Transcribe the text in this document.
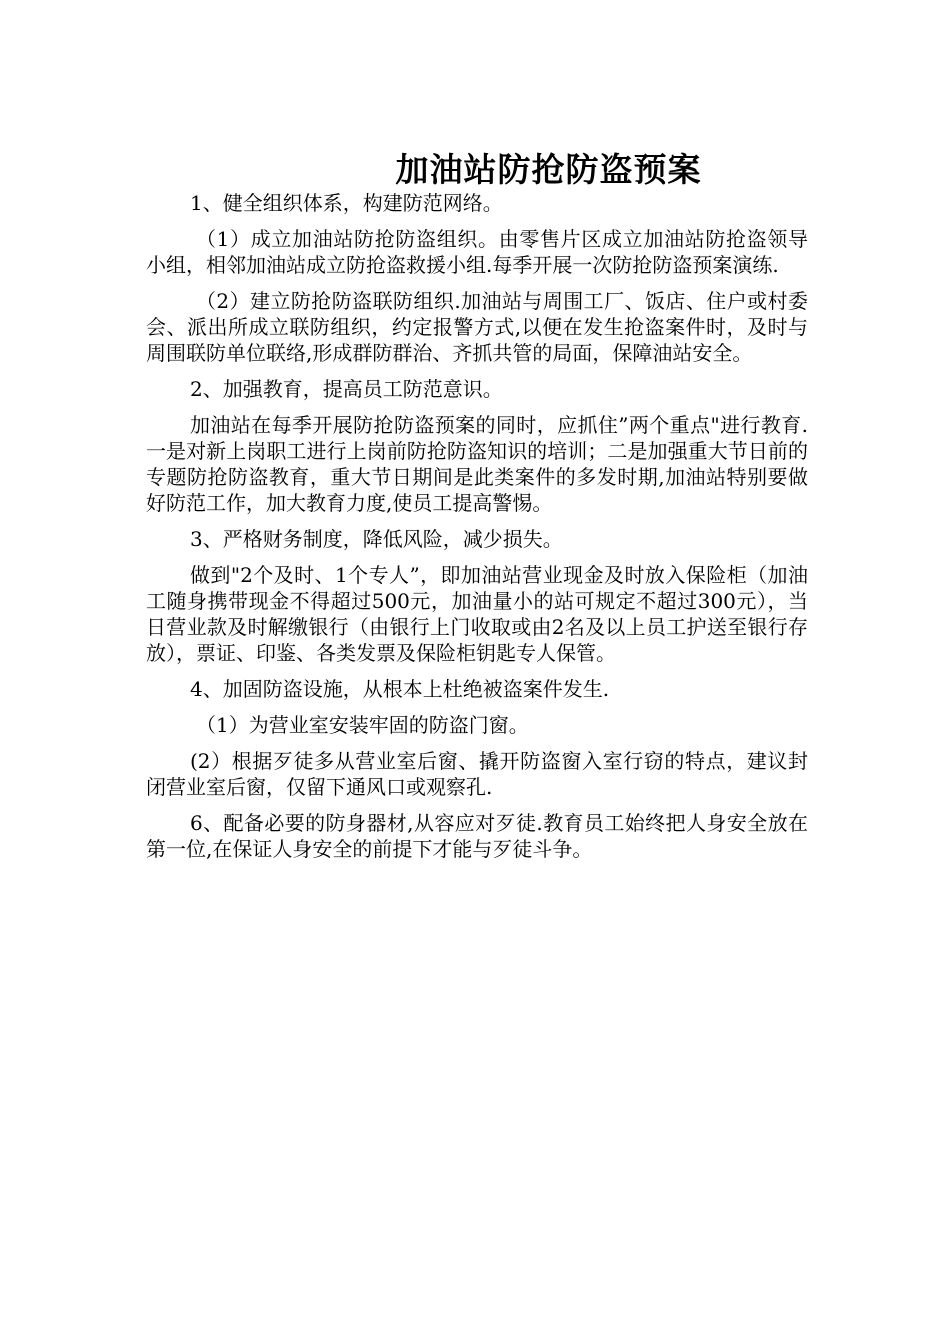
加油站防抢防盗预案

1、健全组织体系，构建防范网络。

（1）成立加油站防抢防盗组织。由零售片区成立加油站防抢盗领导小组，相邻加油站成立防抢盗救援小组.每季开展一次防抢防盗预案演练.

（2）建立防抢防盗联防组织.加油站与周围工厂、饭店、住户或村委会、派出所成立联防组织，约定报警方式,以便在发生抢盗案件时，及时与周围联防单位联络,形成群防群治、齐抓共管的局面，保障油站安全。

2、加强教育，提高员工防范意识。

加油站在每季开展防抢防盗预案的同时，应抓住”两个重点"进行教育.一是对新上岗职工进行上岗前防抢防盗知识的培训；二是加强重大节日前的专题防抢防盗教育，重大节日期间是此类案件的多发时期,加油站特别要做好防范工作，加大教育力度,使员工提高警惕。

3、严格财务制度，降低风险，减少损失。

做到"2个及时、1个专人”，即加油站营业现金及时放入保险柜（加油工随身携带现金不得超过500元，加油量小的站可规定不超过300元），当日营业款及时解缴银行（由银行上门收取或由2名及以上员工护送至银行存放），票证、印鉴、各类发票及保险柜钥匙专人保管。

4、加固防盗设施，从根本上杜绝被盗案件发生.

（1）为营业室安装牢固的防盗门窗。

(2）根据歹徒多从营业室后窗、撬开防盗窗入室行窃的特点，建议封闭营业室后窗，仅留下通风口或观察孔.

6、配备必要的防身器材,从容应对歹徒.教育员工始终把人身安全放在第一位,在保证人身安全的前提下才能与歹徒斗争。
